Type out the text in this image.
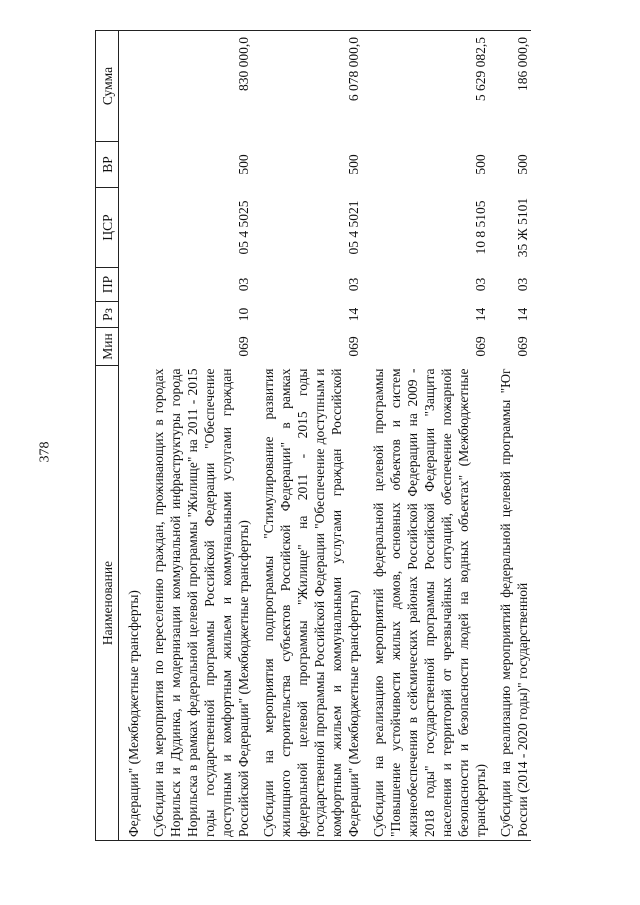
378
Наименование	Мин	Рз	ПР	ЦСР	ВР	Сумма

Федерации" (Межбюджетные трансферты)						

Субсидии на мероприятия по переселению граждан, проживающих в городах Норильск и Дудинка, и модернизации коммунальной инфраструктуры города Норильска в рамках федеральной целевой программы "Жилище" на 2011 - 2015 годы государственной программы Российской Федерации "Обеспечение доступным и комфортным жильем и коммунальными услугами граждан Российской Федерации" (Межбюджетные трансферты)	069	10	03	05 4 5025	500	830 000,0

Субсидии на мероприятия подпрограммы "Стимулирование развития жилищного строительства субъектов Российской Федерации" в рамках федеральной целевой программы "Жилище" на 2011 - 2015 годы государственной программы Российской Федерации "Обеспечение доступным и комфортным жильем и коммунальными услугами граждан Российской Федерации" (Межбюджетные трансферты)	069	14	03	05 4 5021	500	6 078 000,0

Субсидии на реализацию мероприятий федеральной целевой программы "Повышение устойчивости жилых домов, основных объектов и систем жизнеобеспечения в сейсмических районах Российской Федерации на 2009 - 2018 годы" государственной программы Российской Федерации "Защита населения и территорий от чрезвычайных ситуаций, обеспечение пожарной безопасности и безопасности людей на водных объектах" (Межбюджетные трансферты)	069	14	03	10 8 5105	500	5 629 082,5

Субсидии на реализацию мероприятий федеральной целевой программы "Юг России (2014 - 2020 годы)" государственной	069	14	03	35 Ж 5101	500	186 000,0
